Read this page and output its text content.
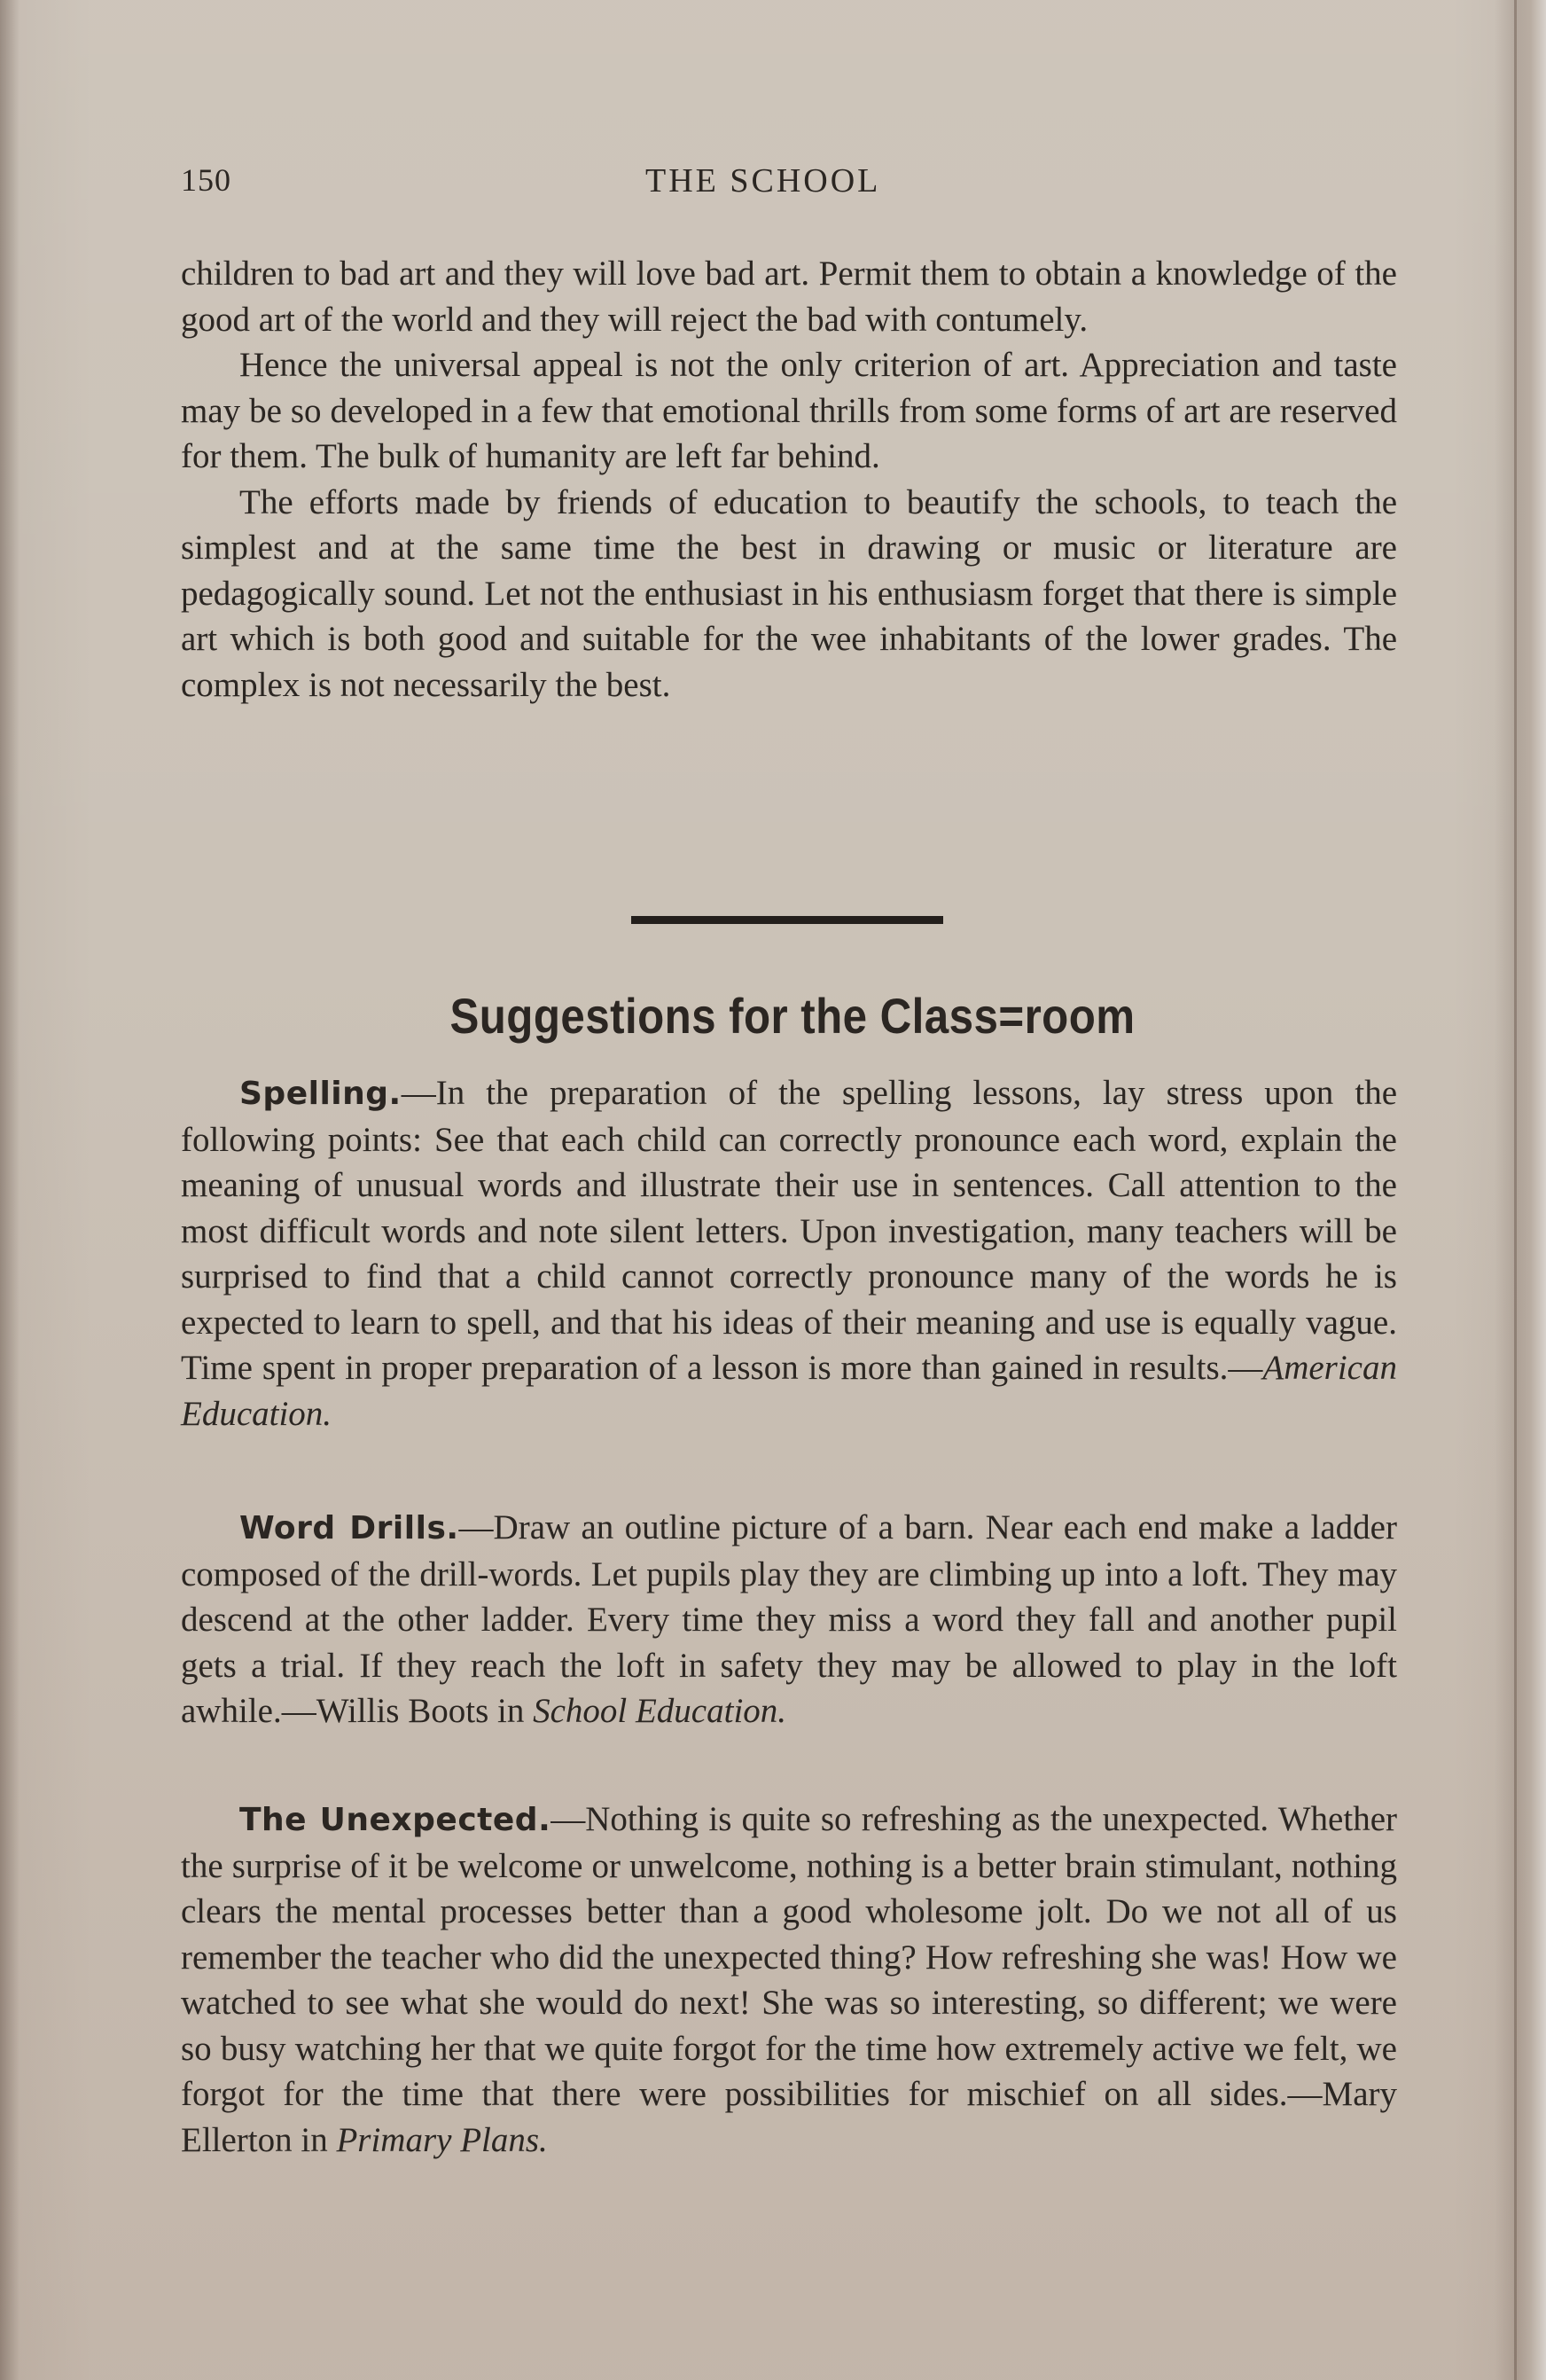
150	THE SCHOOL

children to bad art and they will love bad art. Permit them to obtain a knowledge of the good art of the world and they will reject the bad with contumely.

Hence the universal appeal is not the only criterion of art. Appreciation and taste may be so developed in a few that emotional thrills from some forms of art are reserved for them. The bulk of humanity are left far behind.

The efforts made by friends of education to beautify the schools, to teach the simplest and at the same time the best in drawing or music or literature are pedagogically sound. Let not the enthusiast in his enthusiasm forget that there is simple art which is both good and suitable for the wee inhabitants of the lower grades. The complex is not necessarily the best.

Suggestions for the Class=room

Spelling.—In the preparation of the spelling lessons, lay stress upon the following points: See that each child can correctly pronounce each word, explain the meaning of unusual words and illustrate their use in sentences. Call attention to the most difficult words and note silent letters. Upon investigation, many teachers will be surprised to find that a child cannot correctly pronounce many of the words he is expected to learn to spell, and that his ideas of their meaning and use is equally vague. Time spent in proper preparation of a lesson is more than gained in results.—American Education.

Word Drills.—Draw an outline picture of a barn. Near each end make a ladder composed of the drill-words. Let pupils play they are climbing up into a loft. They may descend at the other ladder. Every time they miss a word they fall and another pupil gets a trial. If they reach the loft in safety they may be allowed to play in the loft awhile.—Willis Boots in School Education.

The Unexpected.—Nothing is quite so refreshing as the unexpected. Whether the surprise of it be welcome or unwelcome, nothing is a better brain stimulant, nothing clears the mental processes better than a good wholesome jolt. Do we not all of us remember the teacher who did the unexpected thing? How refreshing she was! How we watched to see what she would do next! She was so interesting, so different; we were so busy watching her that we quite forgot for the time how extremely active we felt, we forgot for the time that there were possibilities for mischief on all sides.—Mary Ellerton in Primary Plans.
